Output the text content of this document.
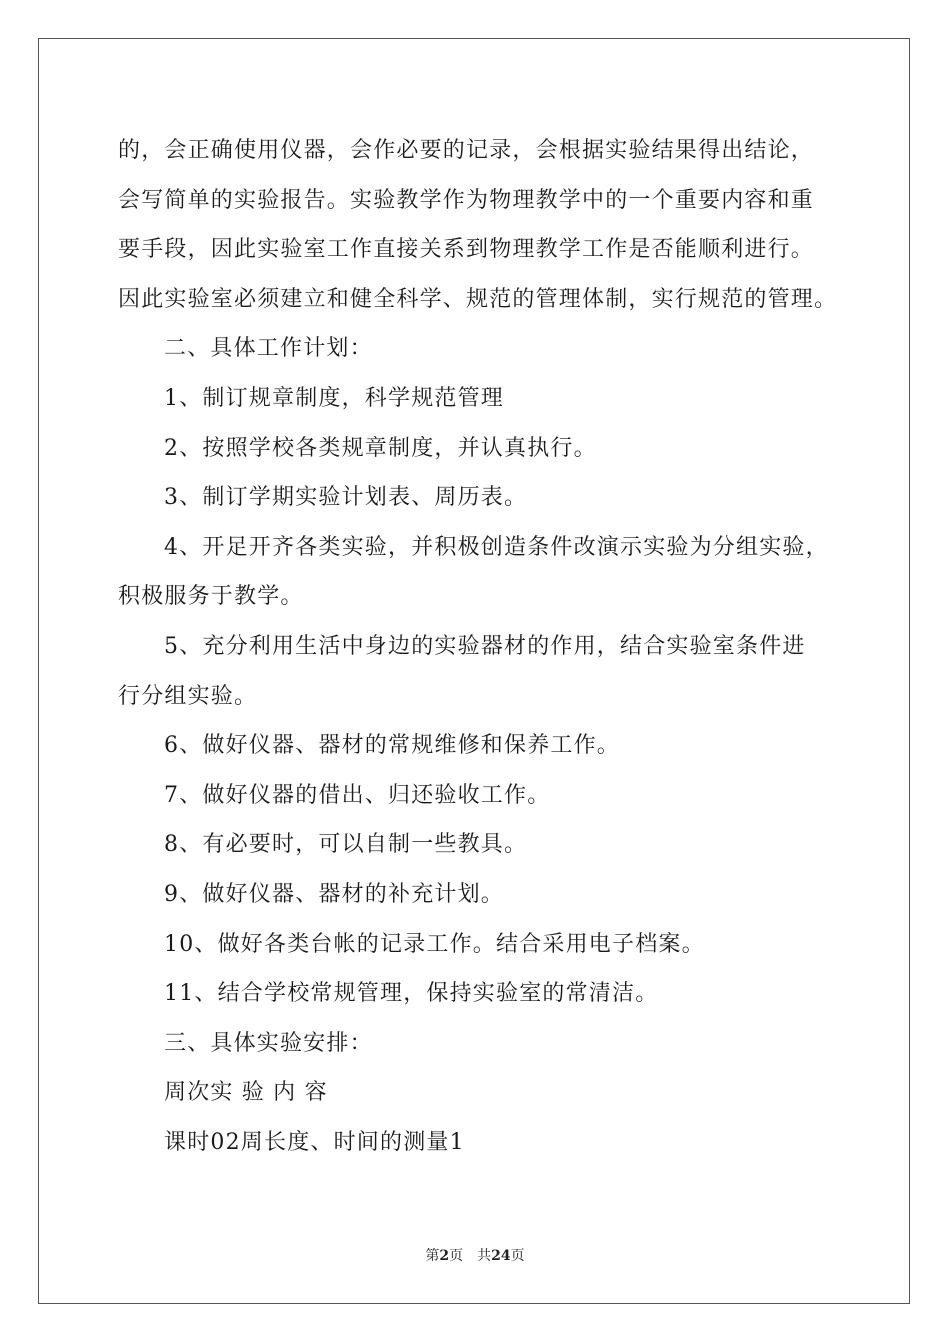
的，会正确使用仪器，会作必要的记录，会根据实验结果得出结论，
会写简单的实验报告。实验教学作为物理教学中的一个重要内容和重
要手段，因此实验室工作直接关系到物理教学工作是否能顺利进行。
因此实验室必须建立和健全科学、规范的管理体制，实行规范的管理。
二、具体工作计划：
1、制订规章制度，科学规范管理
2、按照学校各类规章制度，并认真执行。
3、制订学期实验计划表、周历表。
4、开足开齐各类实验，并积极创造条件改演示实验为分组实验，
积极服务于教学。
5、充分利用生活中身边的实验器材的作用，结合实验室条件进
行分组实验。
6、做好仪器、器材的常规维修和保养工作。
7、做好仪器的借出、归还验收工作。
8、有必要时，可以自制一些教具。
9、做好仪器、器材的补充计划。
10、做好各类台帐的记录工作。结合采用电子档案。
11、结合学校常规管理，保持实验室的常清洁。
三、具体实验安排：
周次实 验 内 容
课时02周长度、时间的测量1
第2页 共24页
